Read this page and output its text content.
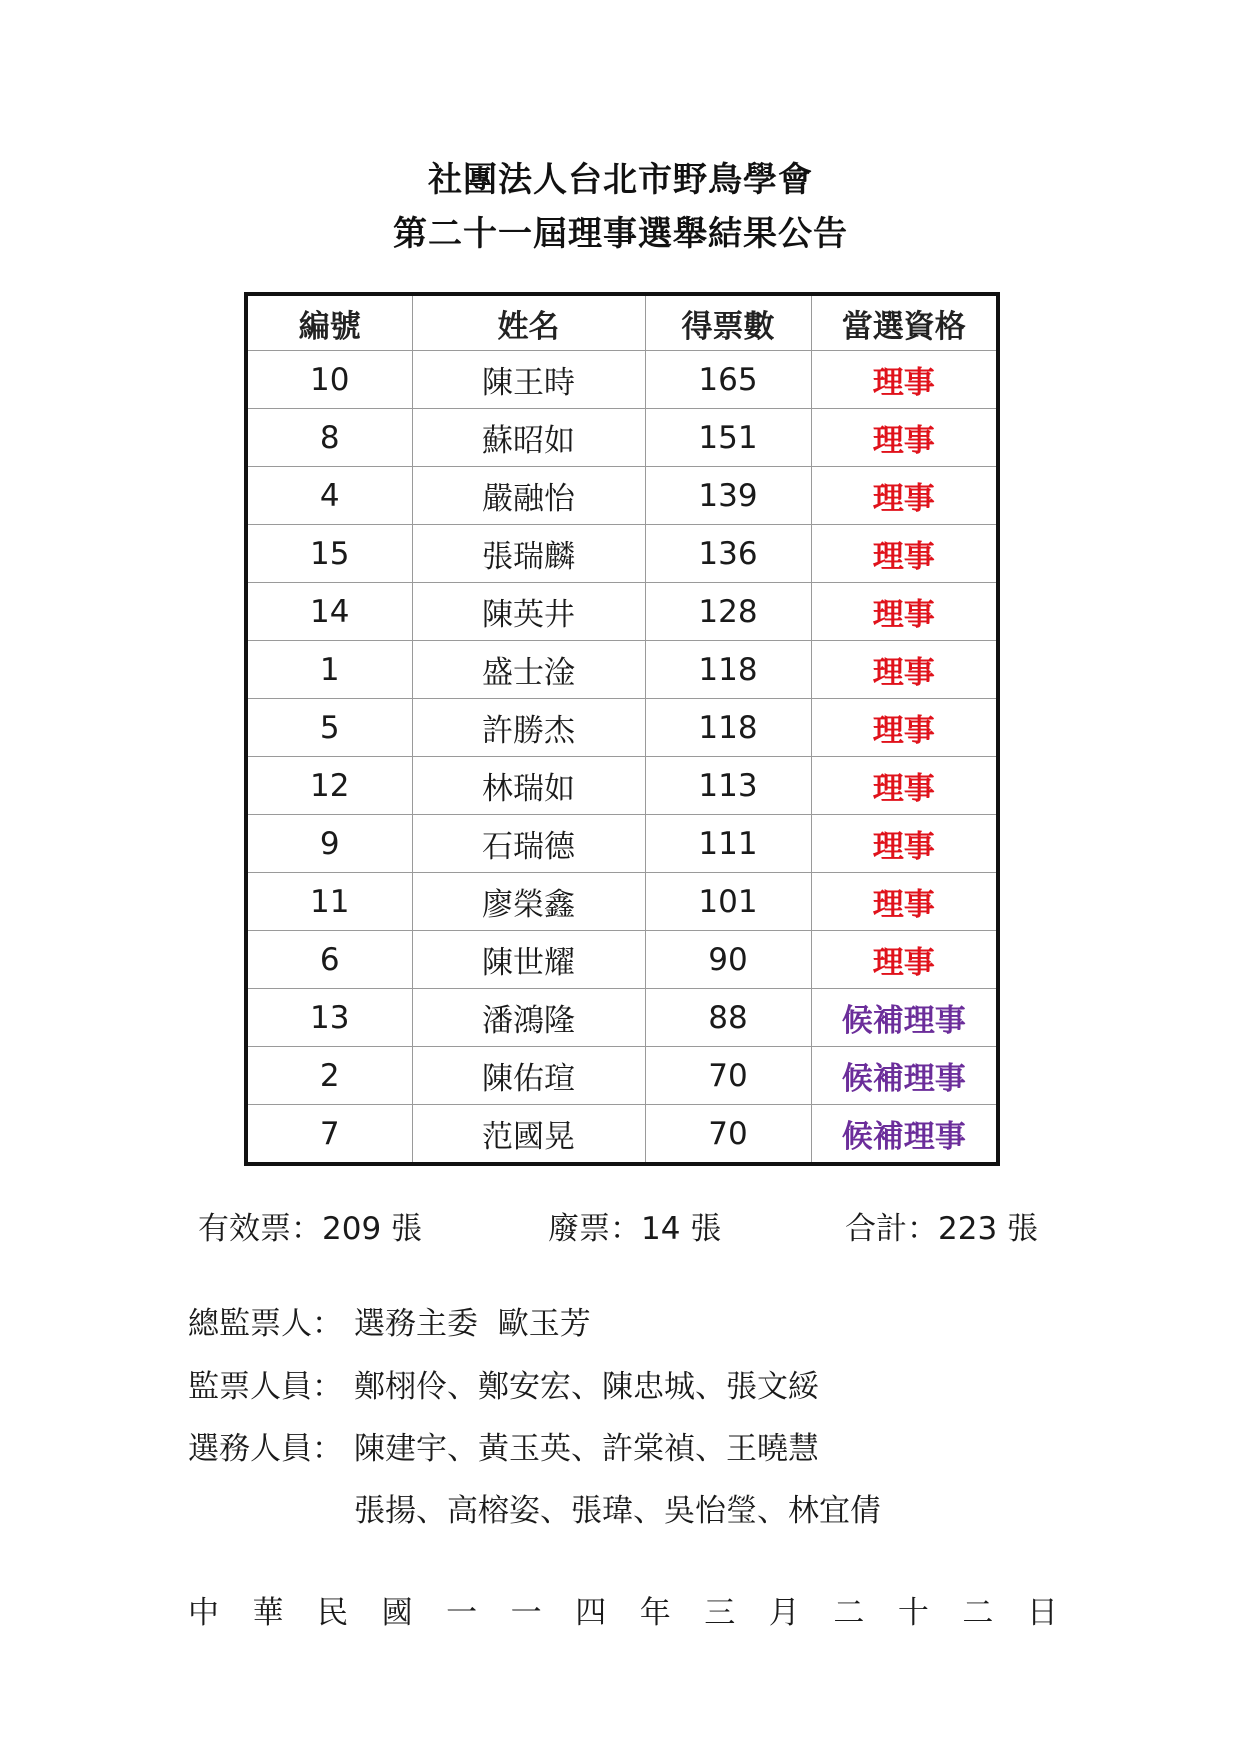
社團法人台北市野鳥學會
第二十一屆理事選舉結果公告
編號	姓名	得票數	當選資格
10	陳王時	165	理事
8	蘇昭如	151	理事
4	嚴融怡	139	理事
15	張瑞麟	136	理事
14	陳英井	128	理事
1	盛士淦	118	理事
5	許勝杰	118	理事
12	林瑞如	113	理事
9	石瑞德	111	理事
11	廖榮鑫	101	理事
6	陳世耀	90	理事
13	潘鴻隆	88	候補理事
2	陳佑瑄	70	候補理事
7	范國晃	70	候補理事
有效票：209 張	廢票：14 張	合計：223 張
總監票人： 選務主委  歐玉芳
監票人員： 鄭栩伶、鄭安宏、陳忠城、張文綏
選務人員： 陳建宇、黃玉英、許棠禎、王曉慧
張揚、高榕姿、張瑋、吳怡瑩、林宜倩
中 華 民 國 一 一 四 年 三 月 二 十 二 日
